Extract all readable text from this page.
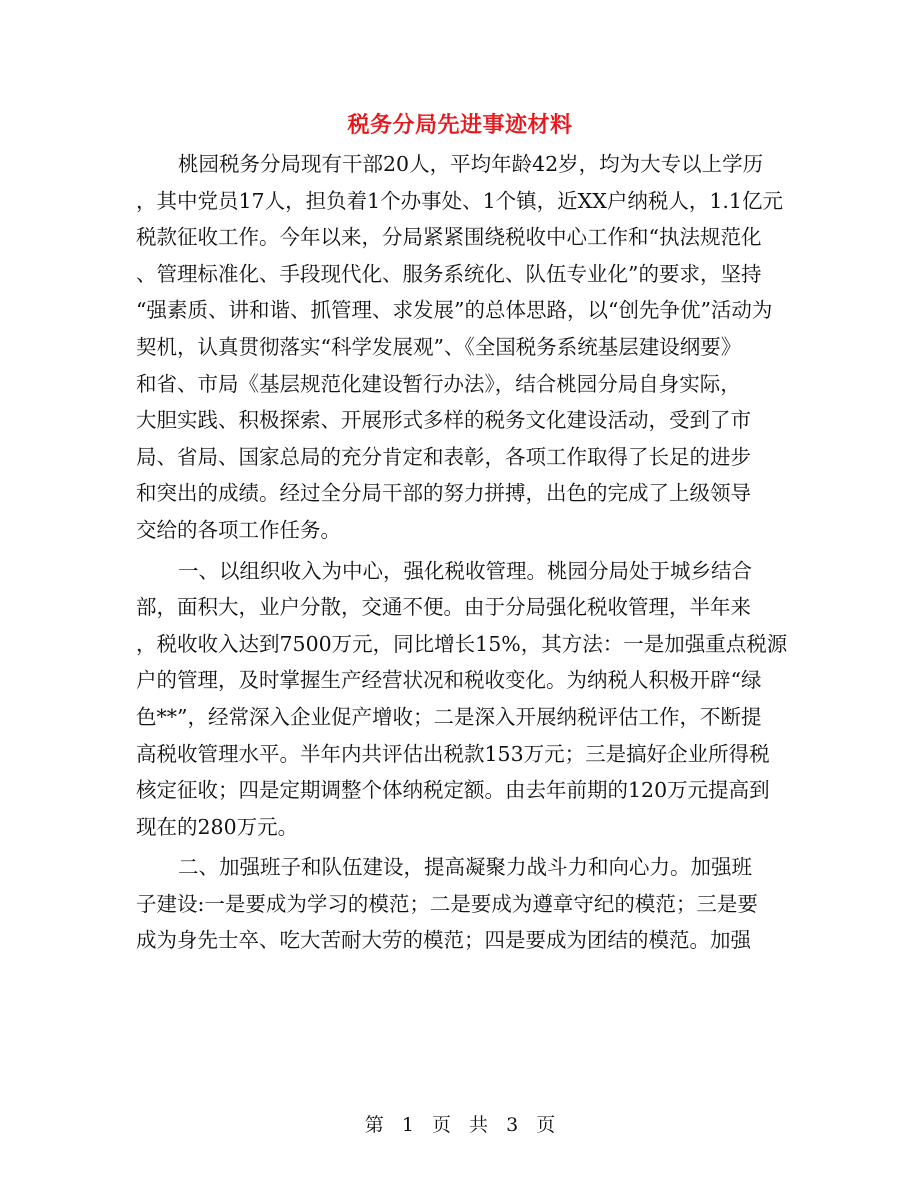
税务分局先进事迹材料
桃园税务分局现有干部20人，平均年龄42岁，均为大专以上学历
，其中党员17人，担负着1个办事处、1个镇，近XX户纳税人，1.1亿元
税款征收工作。今年以来，分局紧紧围绕税收中心工作和“执法规范化
、管理标准化、手段现代化、服务系统化、队伍专业化”的要求，坚持
“强素质、讲和谐、抓管理、求发展”的总体思路，以“创先争优”活动为
契机，认真贯彻落实“科学发展观”、《全国税务系统基层建设纲要》
和省、市局《基层规范化建设暂行办法》，结合桃园分局自身实际，
大胆实践、积极探索、开展形式多样的税务文化建设活动，受到了市
局、省局、国家总局的充分肯定和表彰，各项工作取得了长足的进步
和突出的成绩。经过全分局干部的努力拼搏，出色的完成了上级领导
交给的各项工作任务。
一、以组织收入为中心，强化税收管理。桃园分局处于城乡结合
部，面积大，业户分散，交通不便。由于分局强化税收管理，半年来
，税收收入达到7500万元，同比增长15%，其方法：一是加强重点税源
户的管理，及时掌握生产经营状况和税收变化。为纳税人积极开辟“绿
色**”，经常深入企业促产增收；二是深入开展纳税评估工作，不断提
高税收管理水平。半年内共评估出税款153万元；三是搞好企业所得税
核定征收；四是定期调整个体纳税定额。由去年前期的120万元提高到
现在的280万元。
二、加强班子和队伍建设，提高凝聚力战斗力和向心力。加强班
子建设:一是要成为学习的模范；二是要成为遵章守纪的模范；三是要
成为身先士卒、吃大苦耐大劳的模范；四是要成为团结的模范。加强
第 1 页 共 3 页
